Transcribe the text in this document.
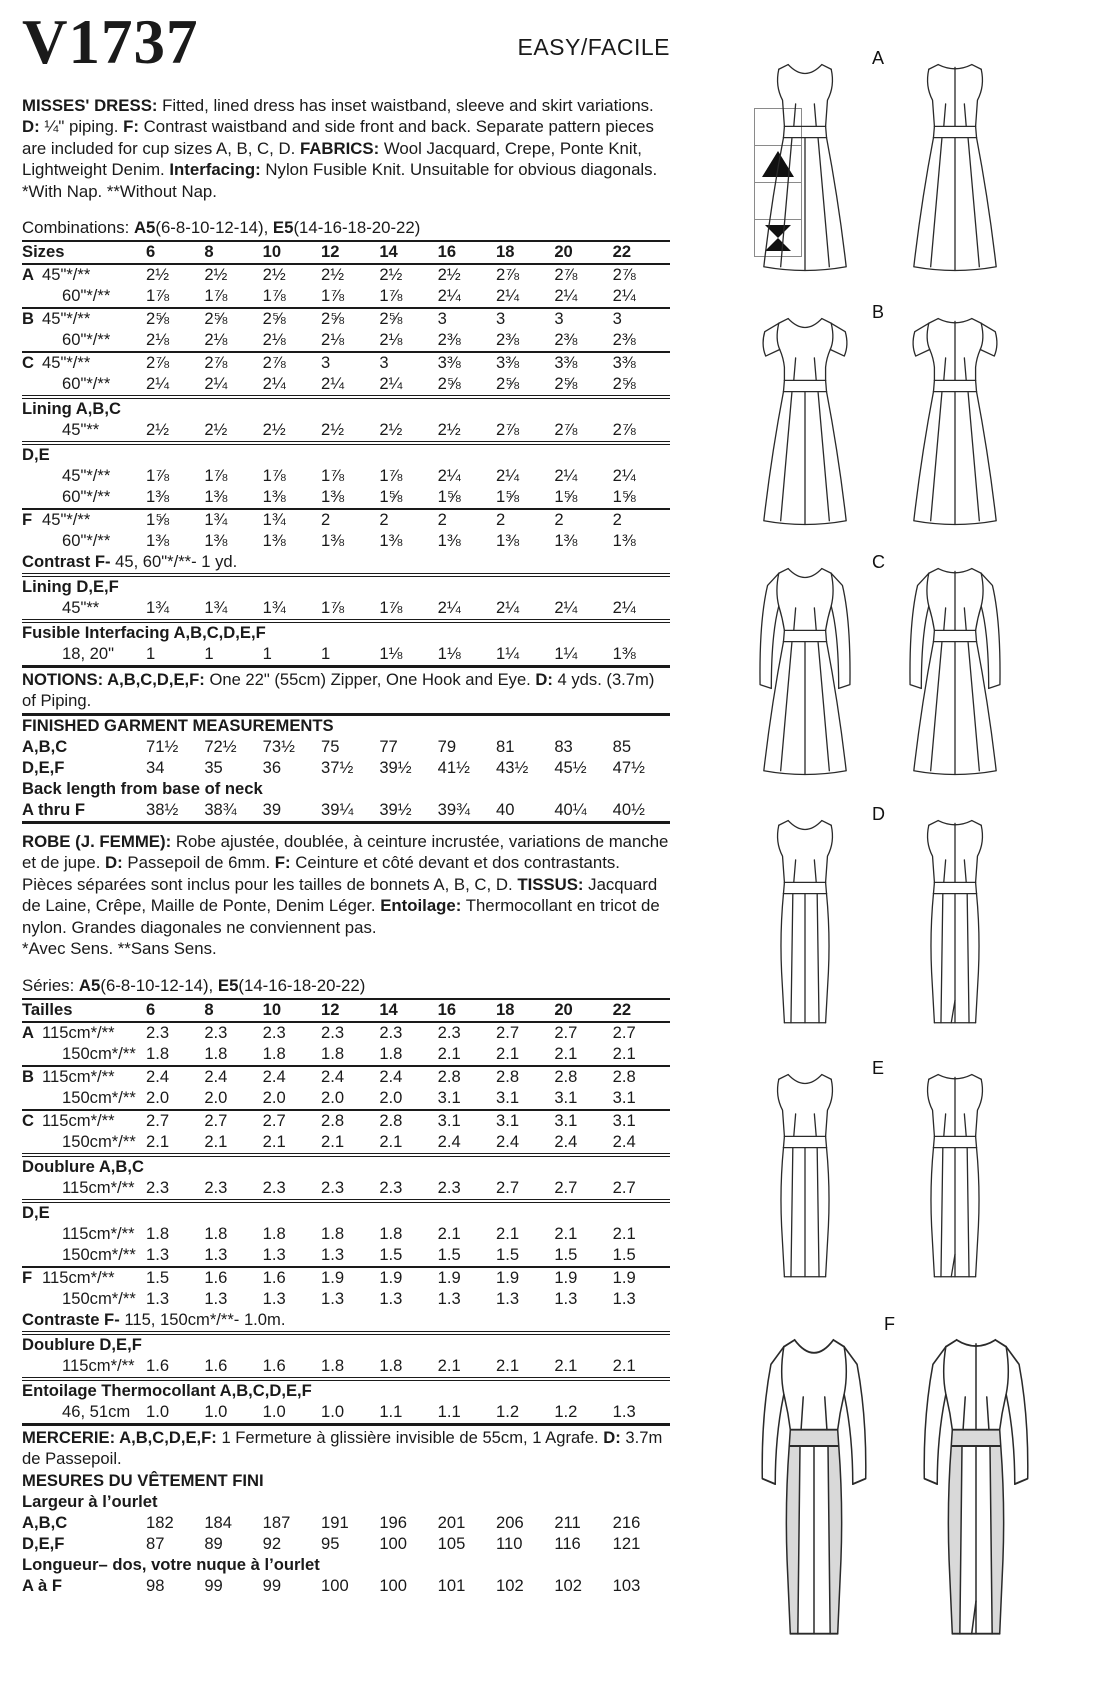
V1737	EASY/FACILE

MISSES' DRESS: Fitted, lined dress has inset waistband, sleeve and skirt variations. D: ¼" piping. F: Contrast waistband and side front and back. Separate pattern pieces are included for cup sizes A, B, C, D. FABRICS: Wool Jacquard, Crepe, Ponte Knit, Lightweight Denim. Interfacing: Nylon Fusible Knit. Unsuitable for obvious diagonals.
*With Nap. **Without Nap.

Combinations: A5(6-8-10-12-14), E5(14-16-18-20-22)
Sizes	6	8	10	12	14	16	18	20	22
A 45"*/**	2½	2½	2½	2½	2½	2½	2⅞	2⅞	2⅞
60"*/**	1⅞	1⅞	1⅞	1⅞	1⅞	2¼	2¼	2¼	2¼
B 45"*/**	2⅝	2⅝	2⅝	2⅝	2⅝	3	3	3	3
60"*/**	2⅛	2⅛	2⅛	2⅛	2⅛	2⅜	2⅜	2⅜	2⅜
C 45"*/**	2⅞	2⅞	2⅞	3	3	3⅜	3⅜	3⅜	3⅜
60"*/**	2¼	2¼	2¼	2¼	2¼	2⅝	2⅝	2⅝	2⅝
Lining A,B,C
45"**	2½	2½	2½	2½	2½	2½	2⅞	2⅞	2⅞
D,E
45"*/**	1⅞	1⅞	1⅞	1⅞	1⅞	2¼	2¼	2¼	2¼
60"*/**	1⅜	1⅜	1⅜	1⅜	1⅝	1⅝	1⅝	1⅝	1⅝
F 45"*/**	1⅝	1¾	1¾	2	2	2	2	2	2
60"*/**	1⅜	1⅜	1⅜	1⅜	1⅜	1⅜	1⅜	1⅜	1⅜
Contrast F- 45, 60"*/**- 1 yd.
Lining D,E,F
45"**	1¾	1¾	1¾	1⅞	1⅞	2¼	2¼	2¼	2¼
Fusible Interfacing A,B,C,D,E,F
18, 20"	1	1	1	1	1⅛	1⅛	1¼	1¼	1⅜
NOTIONS: A,B,C,D,E,F: One 22" (55cm) Zipper, One Hook and Eye. D: 4 yds. (3.7m) of Piping.
FINISHED GARMENT MEASUREMENTS
A,B,C	71½	72½	73½	75	77	79	81	83	85
D,E,F	34	35	36	37½	39½	41½	43½	45½	47½
Back length from base of neck
A thru F	38½	38¾	39	39¼	39½	39¾	40	40¼	40½

ROBE (J. FEMME): Robe ajustée, doublée, à ceinture incrustée, variations de manche et de jupe. D: Passepoil de 6mm. F: Ceinture et côté devant et dos contrastants. Pièces séparées sont inclus pour les tailles de bonnets A, B, C, D. TISSUS: Jacquard de Laine, Crêpe, Maille de Ponte, Denim Léger. Entoilage: Thermocollant en tricot de nylon. Grandes diagonales ne conviennent pas.
*Avec Sens. **Sans Sens.

Séries: A5(6-8-10-12-14), E5(14-16-18-20-22)
Tailles	6	8	10	12	14	16	18	20	22
A 115cm*/**	2.3	2.3	2.3	2.3	2.3	2.3	2.7	2.7	2.7
150cm*/** 1.8	1.8	1.8	1.8	1.8	2.1	2.1	2.1	2.1
B 115cm*/**	2.4	2.4	2.4	2.4	2.4	2.8	2.8	2.8	2.8
150cm*/** 2.0	2.0	2.0	2.0	2.0	3.1	3.1	3.1	3.1
C 115cm*/**	2.7	2.7	2.7	2.8	2.8	3.1	3.1	3.1	3.1
150cm*/** 2.1	2.1	2.1	2.1	2.1	2.4	2.4	2.4	2.4
Doublure A,B,C
115cm*/** 2.3	2.3	2.3	2.3	2.3	2.3	2.7	2.7	2.7
D,E
115cm*/** 1.8	1.8	1.8	1.8	1.8	2.1	2.1	2.1	2.1
150cm*/** 1.3	1.3	1.3	1.3	1.5	1.5	1.5	1.5	1.5
F 115cm*/**	1.5	1.6	1.6	1.9	1.9	1.9	1.9	1.9	1.9
150cm*/** 1.3	1.3	1.3	1.3	1.3	1.3	1.3	1.3	1.3
Contraste F- 115, 150cm*/**- 1.0m.
Doublure D,E,F
115cm*/** 1.6	1.6	1.6	1.8	1.8	2.1	2.1	2.1	2.1
Entoilage Thermocollant A,B,C,D,E,F
46, 51cm 1.0	1.0	1.0	1.0	1.1	1.1	1.2	1.2	1.3
MERCERIE: A,B,C,D,E,F: 1 Fermeture à glissière invisible de 55cm, 1 Agrafe. D: 3.7m de Passepoil.
MESURES DU VÊTEMENT FINI
Largeur à l’ourlet
A,B,C	182	184	187	191	196	201	206	211	216
D,E,F	87	89	92	95	100	105	110	116	121
Longueur– dos, votre nuque à l’ourlet
A à F	98	99	99	100	100	101	102	102	103
A
B
C
D
E
F
